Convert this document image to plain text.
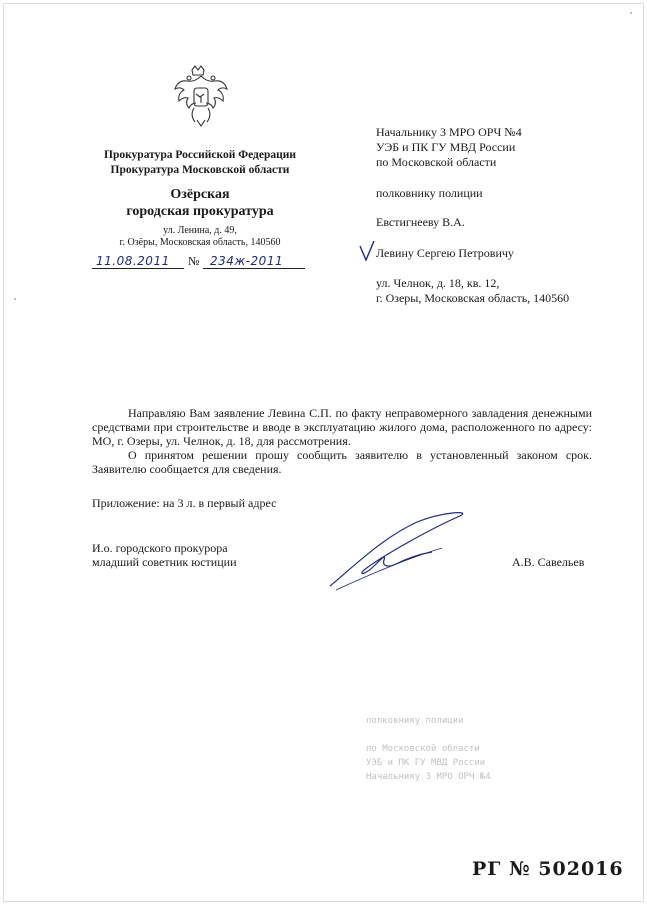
Прокуратура Российской Федерации
Прокуратура Московской области
Озёрская
городская прокуратура
ул. Ленина, д. 49,
г. Озёры, Московская область, 140560
11.08.2011 № 234ж-2011
Начальнику 3 МРО ОРЧ №4
УЭБ и ПК ГУ МВД России
по Московской области
полковнику полиции
Евстигнееву В.А.
Левину Сергею Петровичу
ул. Челнок, д. 18, кв. 12,
г. Озеры, Московская область, 140560
Направляю Вам заявление Левина С.П. по факту неправомерного завладения денежными средствами при строительстве и вводе в эксплуатацию жилого дома, расположенного по адресу: МО, г. Озеры, ул. Челнок, д. 18, для рассмотрения.
О принятом решении прошу сообщить заявителю в установленный законом срок. Заявителю сообщается для сведения.
Приложение: на 3 л. в первый адрес
И.о. городского прокурора
младший советник юстиции	А.В. Савельев
полковнику полиции
по Московской области
УЭБ и ПК ГУ МВД России
Начальнику 3 МРО ОРЧ №4
РГ № 502016
